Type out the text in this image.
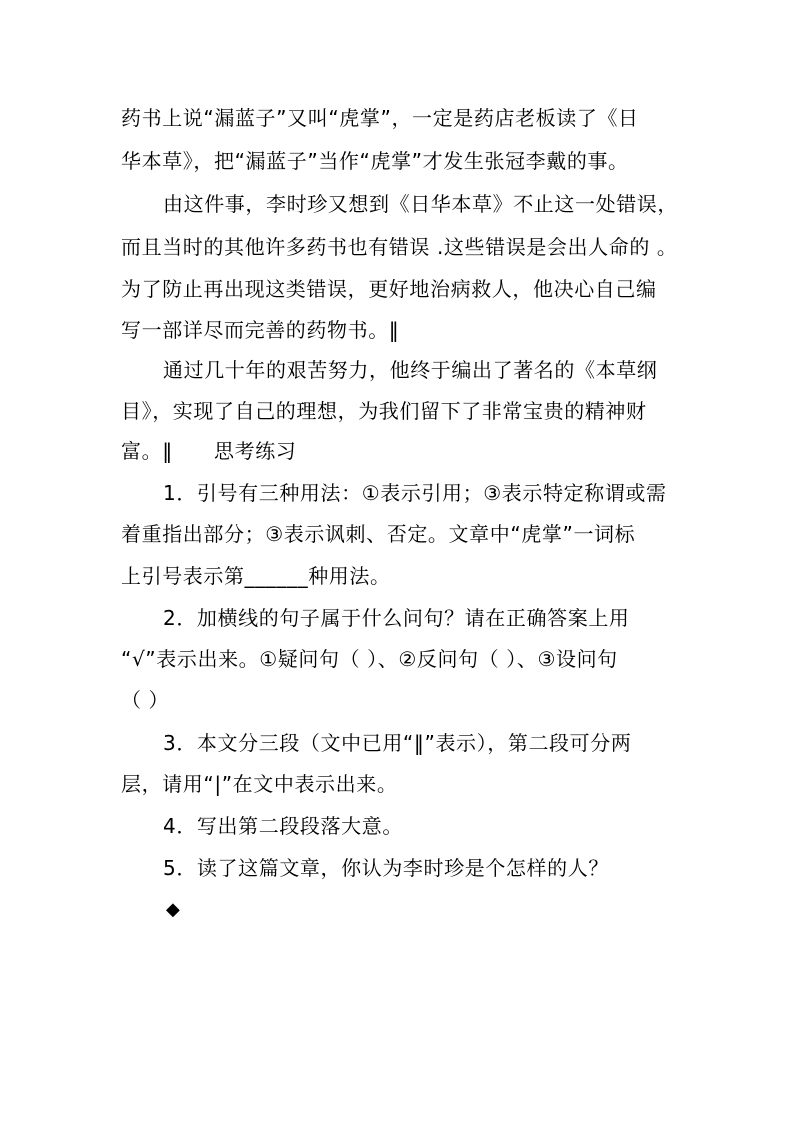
药书上说“漏蓝子”又叫“虎掌”，一定是药店老板读了《日

华本草》，把“漏蓝子”当作“虎掌”才发生张冠李戴的事。

由这件事，李时珍又想到《日华本草》不止这一处错误，

而且当时的其他许多药书也有错误 .这些错误是会出人命的 。

为了防止再出现这类错误，更好地治病救人，他决心自己编

写一部详尽而完善的药物书。‖

通过几十年的艰苦努力，他终于编出了著名的《本草纲

目》，实现了自己的理想，为我们留下了非常宝贵的精神财

富。‖　　思考练习

1．引号有三种用法：①表示引用；③表示特定称谓或需

着重指出部分；③表示讽刺、否定。文章中“虎掌”一词标

上引号表示第______种用法。

2．加横线的句子属于什么问句？请在正确答案上用

“√”表示出来。①疑问句（ ）、②反问句（ ）、③设问句

（ ）

3．本文分三段（文中已用“‖”表示），第二段可分两

层，请用“|”在文中表示出来。

4．写出第二段段落大意。

5．读了这篇文章，你认为李时珍是个怎样的人？

◆
